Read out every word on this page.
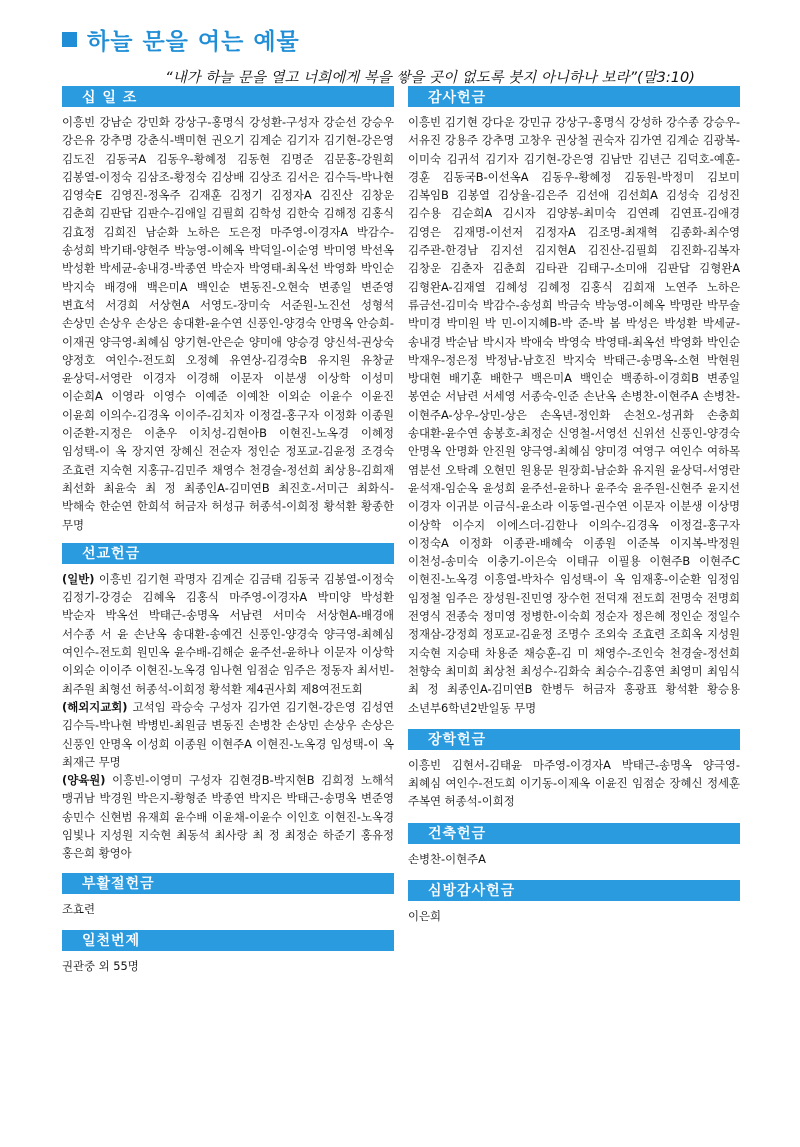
하늘 문을 여는 예물
“내가 하늘 문을 열고 너희에게 복을 쌓을 곳이 없도록 붓지 아니하나 보라”(말3:10)
십 일 조
이흥빈 강남순 강민화 강상구-홍명식 강성환-구성자 강순선 강승우 강은유 강추명 강춘식-백미현 권오기 김계순 김기자 김기현-강은영 김도진 김동국A 김동우-황혜정 김동현 김명준 김문홍-강원희 김봉열-이정숙 김삼조-황정숙 김상배 김상조 김서은 김수득-박나현 김영숙E 김영진-정옥주 김재훈 김정기 김정자A 김진산 김창운 김춘희 김판답 김판수-김애일 김필희 김학성 김한숙 김해정 김홍식 김효정 김희진 남순화 노하은 도은정 마주영-이경자A 박감수-송성희 박기태-양현주 박능영-이혜옥 박덕일-이순영 박미영 박선옥 박성환 박세균-송내경-박종연 박순자 박영태-최옥선 박영화 박인순 박지숙 배경애 백은미A 백인순 변동진-오현숙 변종일 변준영 변효석 서경희 서상현A 서영도-장미숙 서준원-노진선 성형석 손상민 손상우 손상은 송대환-윤수연 신풍인-양경숙 안명옥 안승희-이재권 양극영-최혜심 양기현-안은순 양미애 양승경 양신석-권상숙 양정호 여인수-전도희 오정혜 유연상-김경숙B 유지원 유창균 윤상덕-서영란 이경자 이경해 이문자 이분생 이상학 이성미 이순희A 이영라 이영수 이예준 이예찬 이외순 이윤수 이윤진 이윤희 이의수-김경옥 이이주-김치자 이정걸-홍구자 이정화 이종원 이준환-지정은 이춘우 이치성-김현아B 이현진-노옥경 이혜정 임성택-이 옥 장지연 장혜신 전순자 정인순 정포교-김윤정 조경숙 조효련 지숙현 지홍규-김민주 채영수 천경술-정선희 최상용-김희재 최선화 최윤숙 최 정 최종인A-김미연B 최진호-서미근 최화식-박해숙 한순연 한희석 허금자 허성규 허종석-이희정 황석환 황종한 무명
선교헌금
(일반) 이흥빈 김기현 곽명자 김계순 김금태 김동국 김봉열-이정숙 김정기-강경순 김혜옥 김홍식 마주영-이경자A 박미양 박성환 박순자 박옥선 박태근-송명옥 서남련 서미숙 서상현A-배경애 서수종 서 윤 손난옥 송대환-송예건 신풍인-양경숙 양극영-최혜심 여인수-전도희 원민옥 윤수배-김해순 윤주선-윤하나 이문자 이상학 이외순 이이주 이현진-노옥경 임나현 임점순 임주은 정동자 최서빈-최주원 최형선 허종석-이희정 황석환 제4권사회 제8여전도회
(해외지교회) 고석임 곽승숙 구성자 김가연 김기현-강은영 김성연 김수득-박나현 박병빈-최원금 변동진 손병찬 손상민 손상우 손상은 신풍인 안명옥 이성희 이종원 이현주A 이현진-노옥경 임성택-이 옥 최재근 무명
(양육원) 이흥빈-이영미 구성자 김현경B-박지현B 김희정 노해석 맹귀남 박경원 박은지-황형준 박종연 박지은 박태근-송명옥 변준영 송민수 신현범 유재희 윤수배 이윤채-이윤수 이인호 이현진-노옥경 임빛나 지성원 지숙현 최동석 최사랑 최 정 최정순 하준기 홍유정 홍은희 황영아
부활절헌금
조효련
일천번제
권관중 외 55명
감사헌금
이흥빈 김기현 강다운 강민규 강상구-홍명식 강성하 강수종 강승우-서유진 강용주 강추명 고창우 권상철 권숙자 김가연 김계순 김광복-이미숙 김귀석 김기자 김기현-강은영 김남만 김년근 김덕호-예훈-경훈 김동국B-이선옥A 김동우-황혜정 김동원-박정미 김보미 김복임B 김봉열 김상율-김은주 김선애 김선희A 김성숙 김성진 김수용 김순희A 김시자 김양봉-최미숙 김연례 김연표-김애경 김영은 김재명-이선저 김정자A 김조명-최재혁 김종화-최수영 김주관-한경남 김지선 김지현A 김진산-김필희 김진화-김복자 김창운 김춘자 김춘희 김타관 김태구-소미애 김판답 김형완A 김형완A-김재열 김혜성 김혜정 김홍식 김희재 노연주 노하은 류금선-김미숙 박감수-송성희 박금숙 박능영-이혜옥 박명란 박무술 박미경 박미원 박 민-이지혜B-박 준-박 봄 박성은 박성환 박세균-송내경 박순남 박시자 박애숙 박영숙 박영태-최옥선 박영화 박인순 박재우-정은정 박정남-남호진 박지숙 박태근-송명옥-소현 박현원 방대현 배기훈 배한구 백은미A 백인순 백종하-이경희B 변종일 봉연순 서남련 서세영 서종숙-인준 손난옥 손병찬-이현주A 손병찬-이현주A-상우-상민-상은 손옥년-정인화 손천오-성귀화 손충희 송대환-윤수연 송봉호-최정순 신영철-서영선 신위선 신풍인-양경숙 안명옥 안명화 안진원 양극영-최혜심 양미경 여영구 여인수 여하목 염분선 오탁례 오현민 원용문 원장희-남순화 유지원 윤상덕-서영란 윤석재-임순옥 윤성희 윤주선-윤하나 윤주숙 윤주원-신현주 윤지선 이경자 이귀분 이금식-윤소라 이동열-권수연 이문자 이분생 이상명 이상학 이수지 이에스더-김한나 이의수-김경옥 이정걸-홍구자 이정숙A 이정화 이종관-배혜숙 이종원 이준복 이지복-박정원 이천성-송미숙 이충기-이은숙 이태규 이필용 이현주B 이현주C 이현진-노옥경 이흥열-박차수 임성택-이 옥 임재홍-이순환 임정임 임정철 임주은 장성원-진민영 장수헌 전덕재 전도희 전명숙 전명희 전영식 전종숙 정미영 정병한-이숙희 정순자 정은혜 정인순 정일수 정재삼-강정희 정포교-김윤정 조명수 조외숙 조효련 조희옥 지성원 지숙현 지승태 차용준 채승훈-김 미 채영수-조인숙 천경술-정선희 천향숙 최미희 최상천 최성수-김화숙 최승수-김홍연 최영미 최임식 최 정 최종인A-김미연B 한병두 허금자 홍광표 황석환 황승용 소년부6학년2반일동 무명
장학헌금
이흥빈 김현서-김태윤 마주영-이경자A 박태근-송명옥 양극영-최혜심 여인수-전도희 이기동-이제옥 이윤진 임점순 장혜신 정세훈 주복연 허종석-이희정
건축헌금
손병찬-이현주A
심방감사헌금
이은희
